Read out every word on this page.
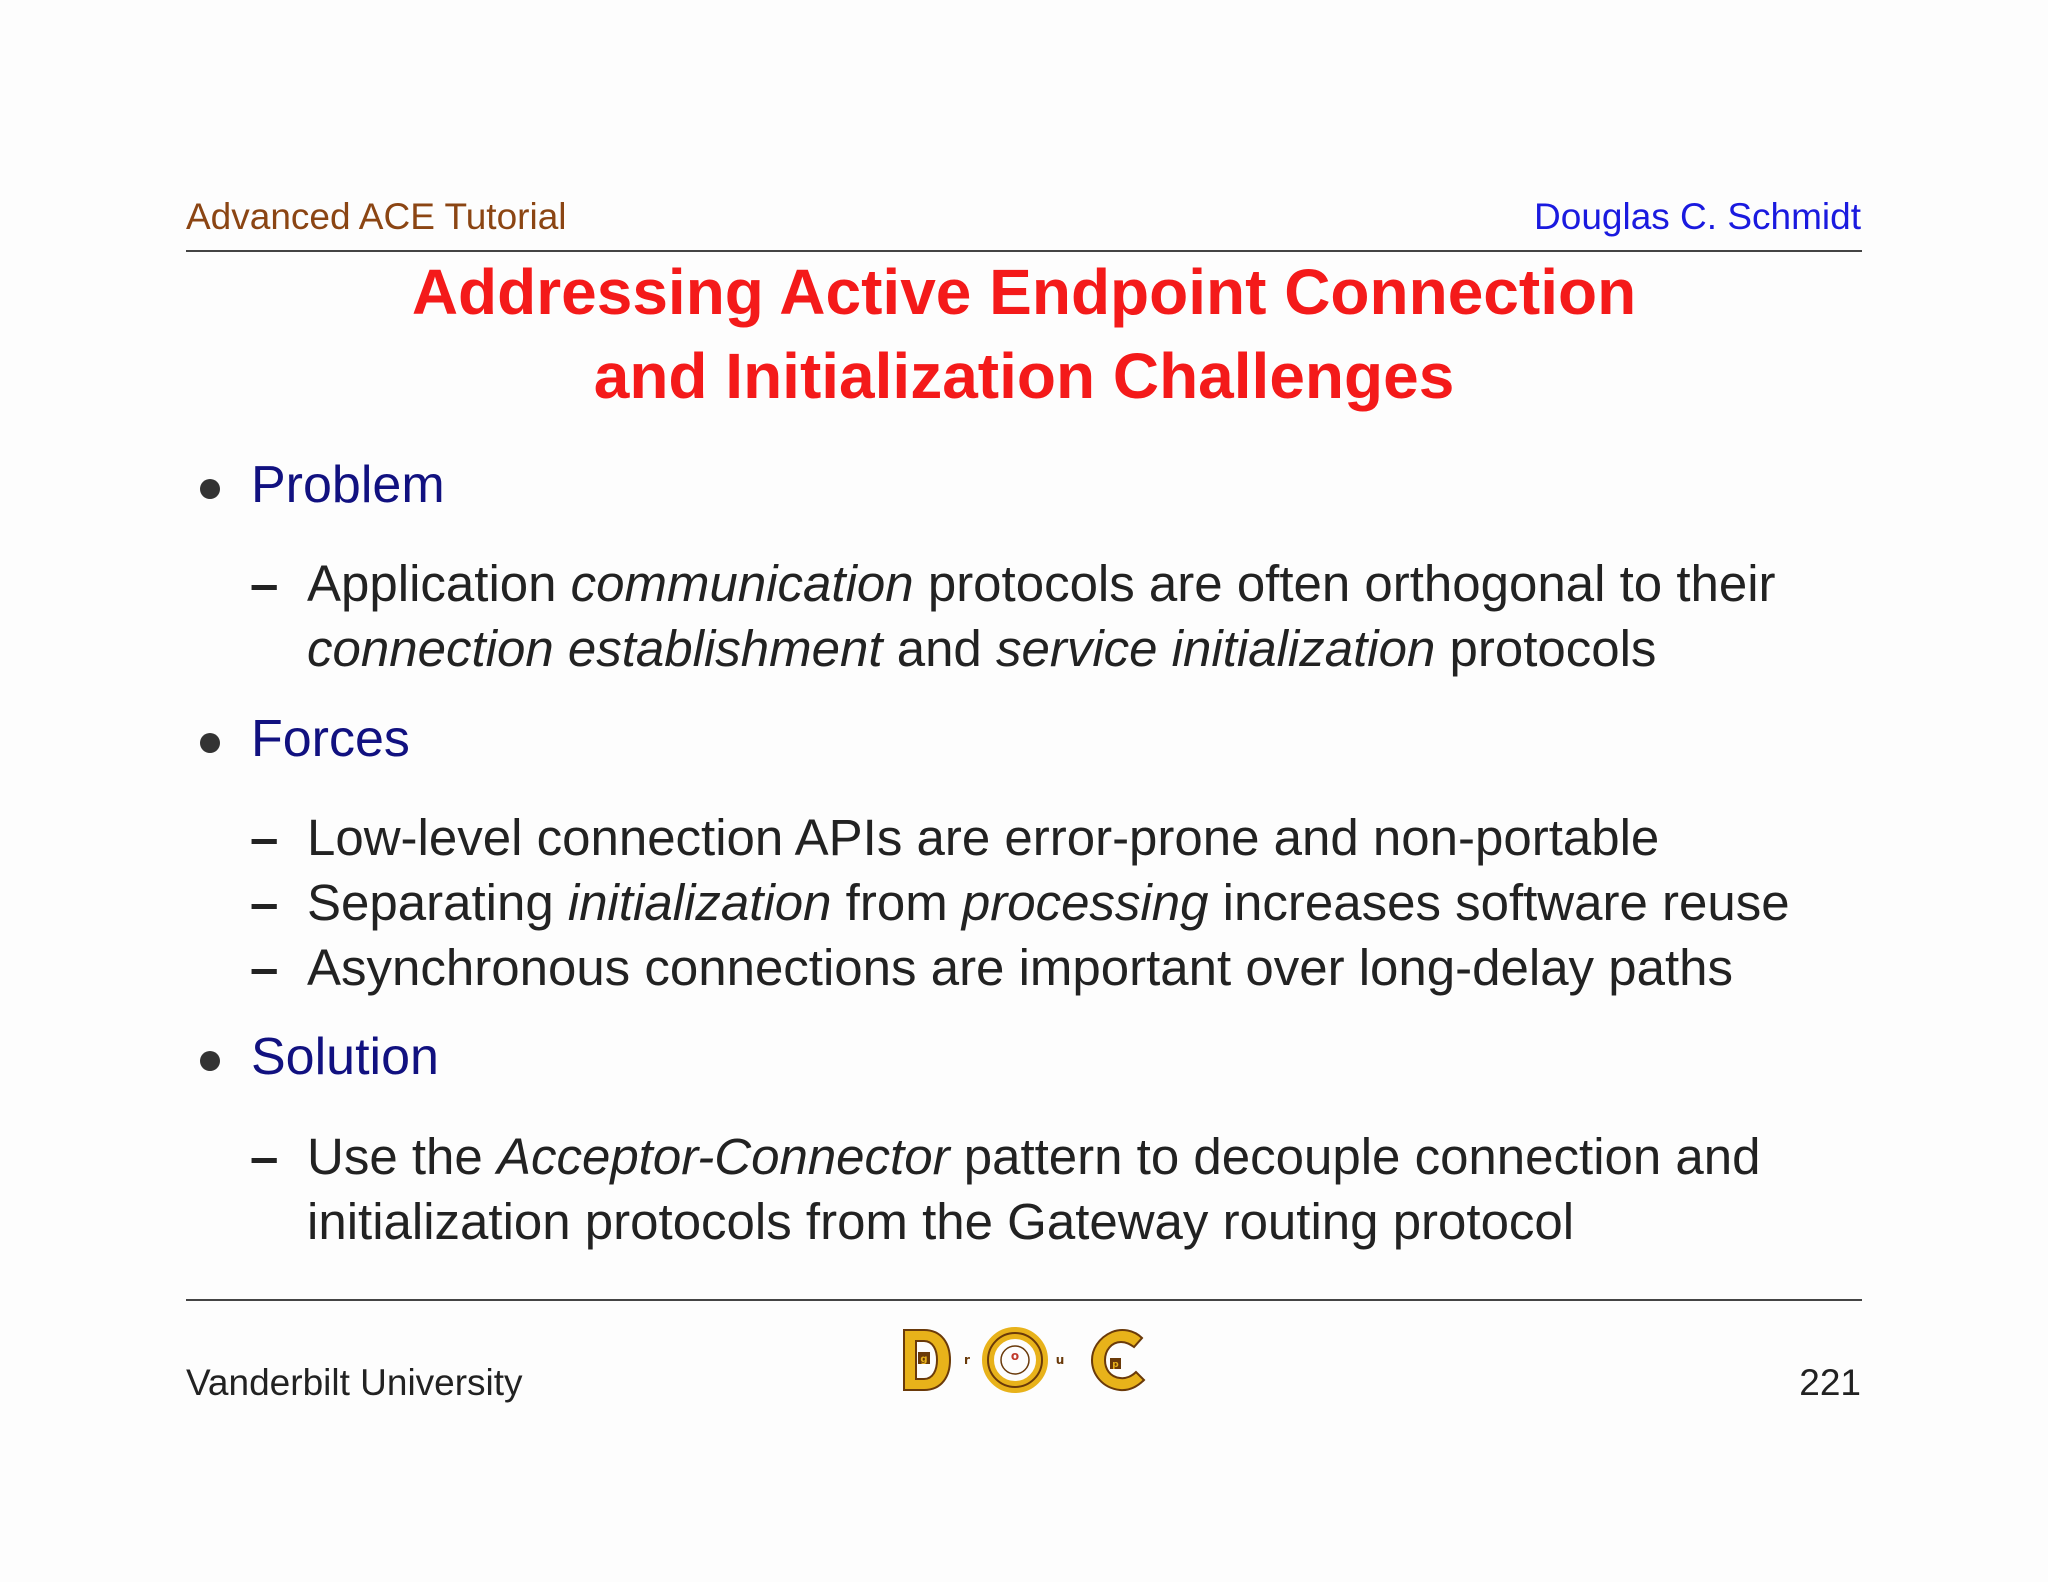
Advanced ACE Tutorial	Douglas C. Schmidt
Addressing Active Endpoint Connection
and Initialization Challenges
Problem
– Application communication protocols are often orthogonal to their
connection establishment and service initialization protocols
Forces
– Low-level connection APIs are error-prone and non-portable
– Separating initialization from processing increases software reuse
– Asynchronous connections are important over long-delay paths
Solution
– Use the Acceptor-Connector pattern to decouple connection and
initialization protocols from the Gateway routing protocol
Vanderbilt University
g	r	o	u	p	221
